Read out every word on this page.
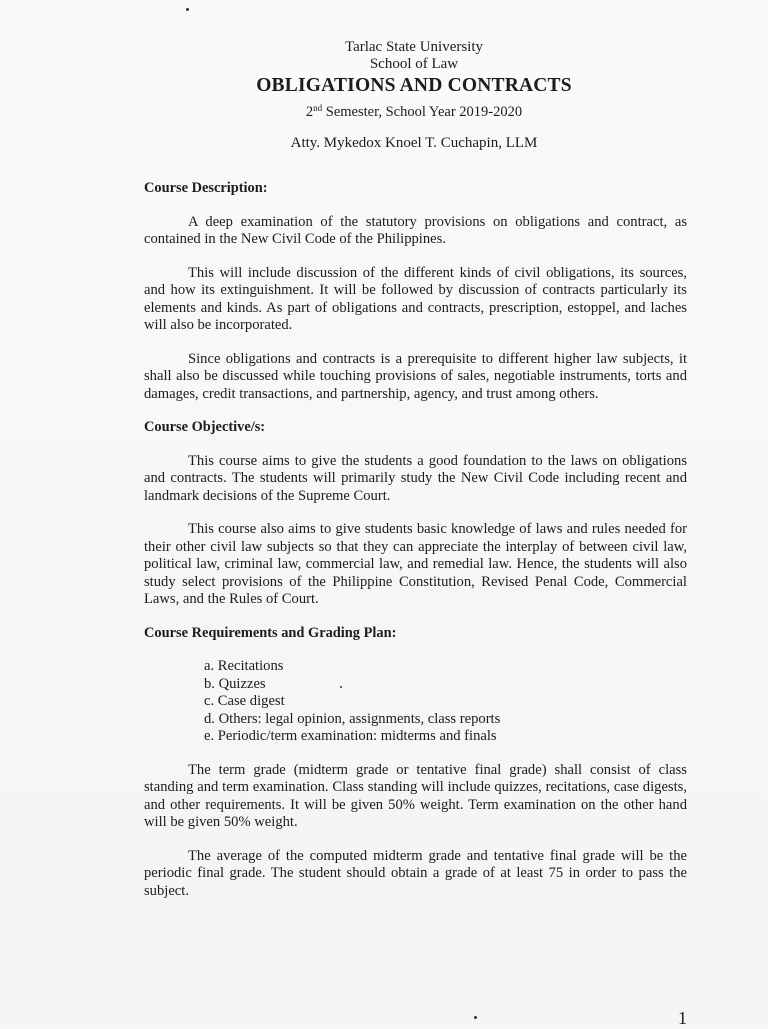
Tarlac State University
School of Law
OBLIGATIONS AND CONTRACTS
2nd Semester, School Year 2019-2020
Atty. Mykedox Knoel T. Cuchapin, LLM
Course Description:

A deep examination of the statutory provisions on obligations and contract, as contained in the New Civil Code of the Philippines.

This will include discussion of the different kinds of civil obligations, its sources, and how its extinguishment. It will be followed by discussion of contracts particularly its elements and kinds. As part of obligations and contracts, prescription, estoppel, and laches will also be incorporated.

Since obligations and contracts is a prerequisite to different higher law subjects, it shall also be discussed while touching provisions of sales, negotiable instruments, torts and damages, credit transactions, and partnership, agency, and trust among others.

Course Objective/s:

This course aims to give the students a good foundation to the laws on obligations and contracts. The students will primarily study the New Civil Code including recent and landmark decisions of the Supreme Court.

This course also aims to give students basic knowledge of laws and rules needed for their other civil law subjects so that they can appreciate the interplay of between civil law, political law, criminal law, commercial law, and remedial law. Hence, the students will also study select provisions of the Philippine Constitution, Revised Penal Code, Commercial Laws, and the Rules of Court.

Course Requirements and Grading Plan:
a. Recitations
b. Quizzes
c. Case digest
d. Others: legal opinion, assignments, class reports
e. Periodic/term examination: midterms and finals

The term grade (midterm grade or tentative final grade) shall consist of class standing and term examination. Class standing will include quizzes, recitations, case digests, and other requirements. It will be given 50% weight. Term examination on the other hand will be given 50% weight.

The average of the computed midterm grade and tentative final grade will be the periodic final grade. The student should obtain a grade of at least 75 in order to pass the subject.

1
